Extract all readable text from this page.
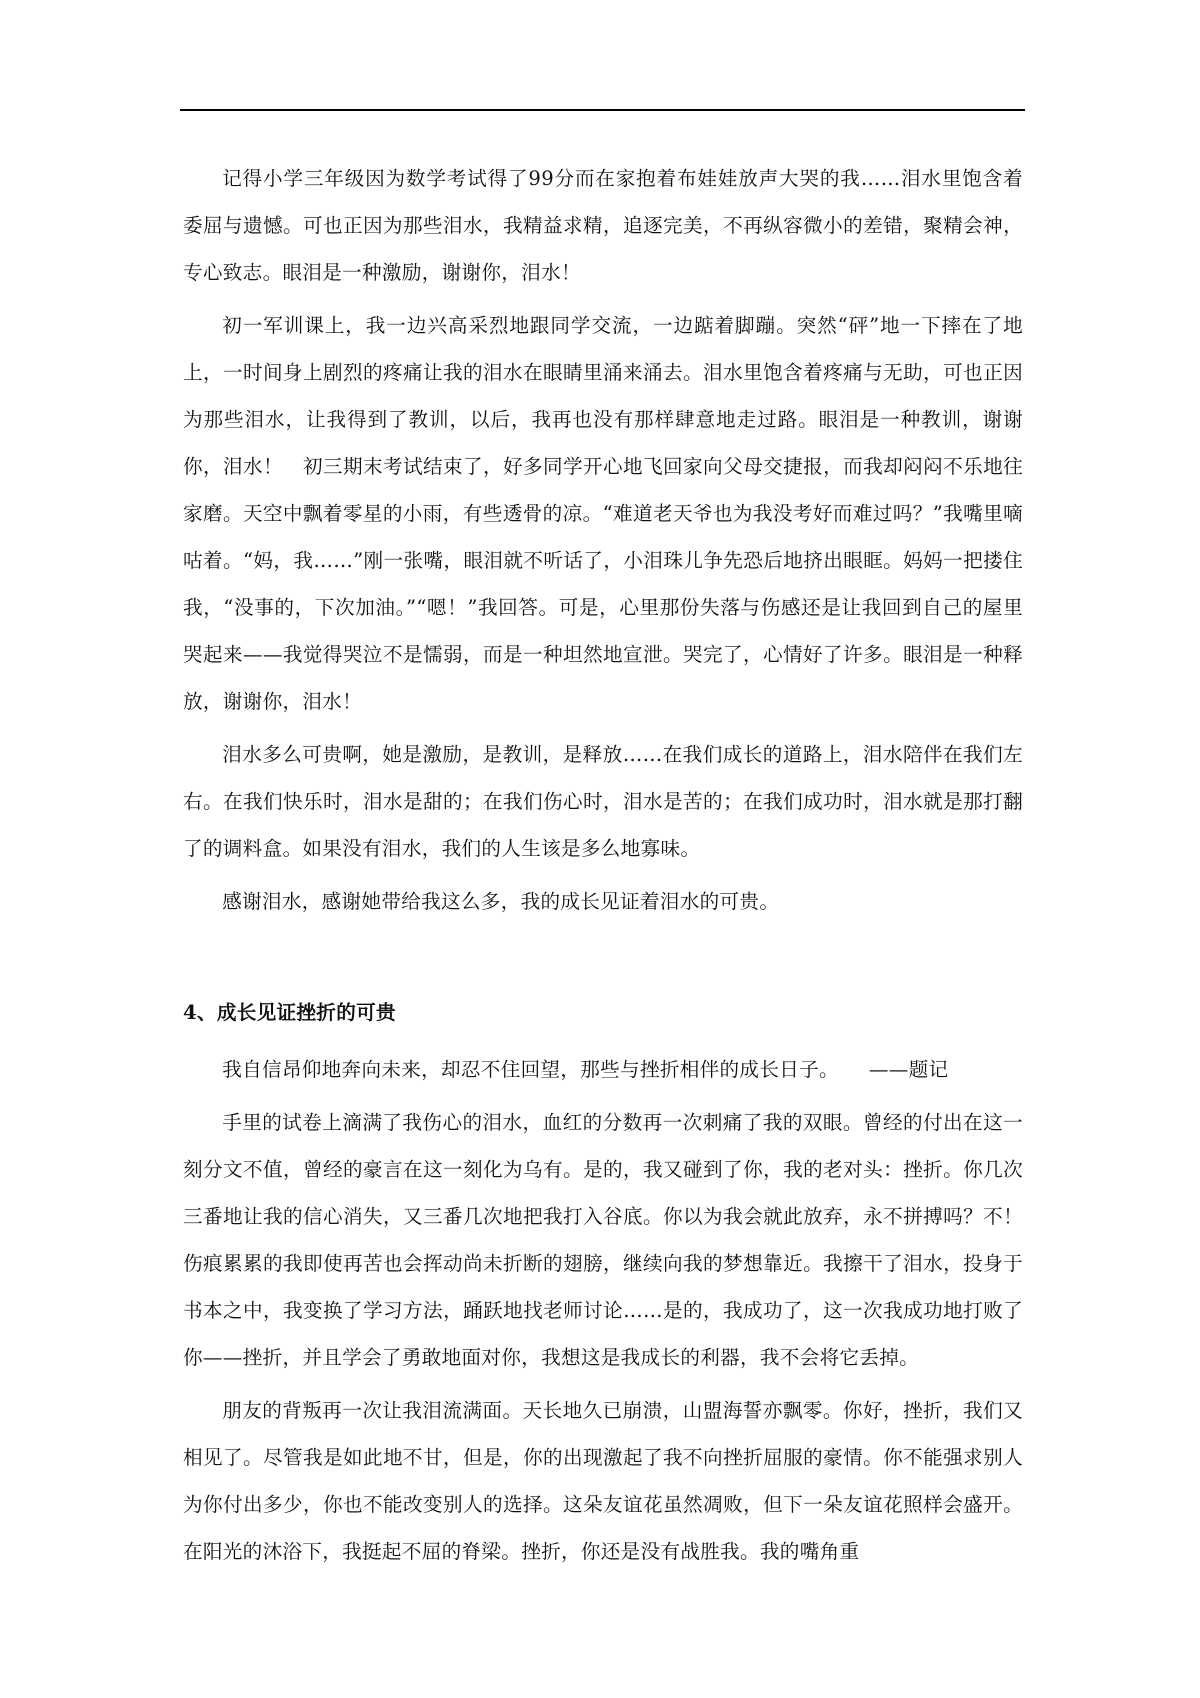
记得小学三年级因为数学考试得了99分而在家抱着布娃娃放声大哭的我……泪水里饱含着委屈与遗憾。可也正因为那些泪水，我精益求精，追逐完美，不再纵容微小的差错，聚精会神，专心致志。眼泪是一种激励，谢谢你，泪水！

初一军训课上，我一边兴高采烈地跟同学交流，一边踮着脚蹦。突然“砰”地一下摔在了地上，一时间身上剧烈的疼痛让我的泪水在眼睛里涌来涌去。泪水里饱含着疼痛与无助，可也正因为那些泪水，让我得到了教训，以后，我再也没有那样肆意地走过路。眼泪是一种教训，谢谢你，泪水！　初三期末考试结束了，好多同学开心地飞回家向父母交捷报，而我却闷闷不乐地往家磨。天空中飘着零星的小雨，有些透骨的凉。“难道老天爷也为我没考好而难过吗？”我嘴里嘀咕着。“妈，我……”刚一张嘴，眼泪就不听话了，小泪珠儿争先恐后地挤出眼眶。妈妈一把搂住我，“没事的，下次加油。”“嗯！”我回答。可是，心里那份失落与伤感还是让我回到自己的屋里哭起来——我觉得哭泣不是懦弱，而是一种坦然地宣泄。哭完了，心情好了许多。眼泪是一种释放，谢谢你，泪水！

泪水多么可贵啊，她是激励，是教训，是释放……在我们成长的道路上，泪水陪伴在我们左右。在我们快乐时，泪水是甜的；在我们伤心时，泪水是苦的；在我们成功时，泪水就是那打翻了的调料盒。如果没有泪水，我们的人生该是多么地寡味。

感谢泪水，感谢她带给我这么多，我的成长见证着泪水的可贵。

4、成长见证挫折的可贵

我自信昂仰地奔向未来，却忍不住回望，那些与挫折相伴的成长日子。　　——题记

手里的试卷上滴满了我伤心的泪水，血红的分数再一次刺痛了我的双眼。曾经的付出在这一刻分文不值，曾经的豪言在这一刻化为乌有。是的，我又碰到了你，我的老对头：挫折。你几次三番地让我的信心消失，又三番几次地把我打入谷底。你以为我会就此放弃，永不拼搏吗？不！伤痕累累的我即使再苦也会挥动尚未折断的翅膀，继续向我的梦想靠近。我擦干了泪水，投身于书本之中，我变换了学习方法，踊跃地找老师讨论……是的，我成功了，这一次我成功地打败了你——挫折，并且学会了勇敢地面对你，我想这是我成长的利器，我不会将它丢掉。

朋友的背叛再一次让我泪流满面。天长地久已崩溃，山盟海誓亦飘零。你好，挫折，我们又相见了。尽管我是如此地不甘，但是，你的出现激起了我不向挫折屈服的豪情。你不能强求别人为你付出多少，你也不能改变别人的选择。这朵友谊花虽然凋败，但下一朵友谊花照样会盛开。在阳光的沐浴下，我挺起不屈的脊梁。挫折，你还是没有战胜我。我的嘴角重
